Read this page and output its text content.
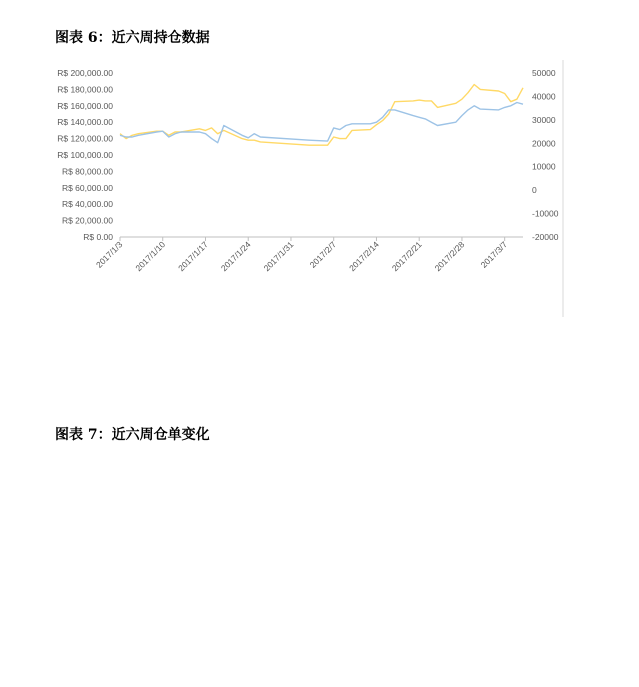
图表 6：近六周持仓数据
R$ 0.00
R$ 20,000.00
R$ 40,000.00
R$ 60,000.00
R$ 80,000.00
R$ 100,000.00
R$ 120,000.00
R$ 140,000.00
R$ 160,000.00
R$ 180,000.00
R$ 200,000.00
-20000
-10000
0
10000
20000
30000
40000
50000
2017/1/3 2017/1/10 2017/1/17 2017/1/24 2017/1/31 2017/2/7 2017/2/14 2017/2/21 2017/2/28 2017/3/7
图表 7：近六周仓单变化
